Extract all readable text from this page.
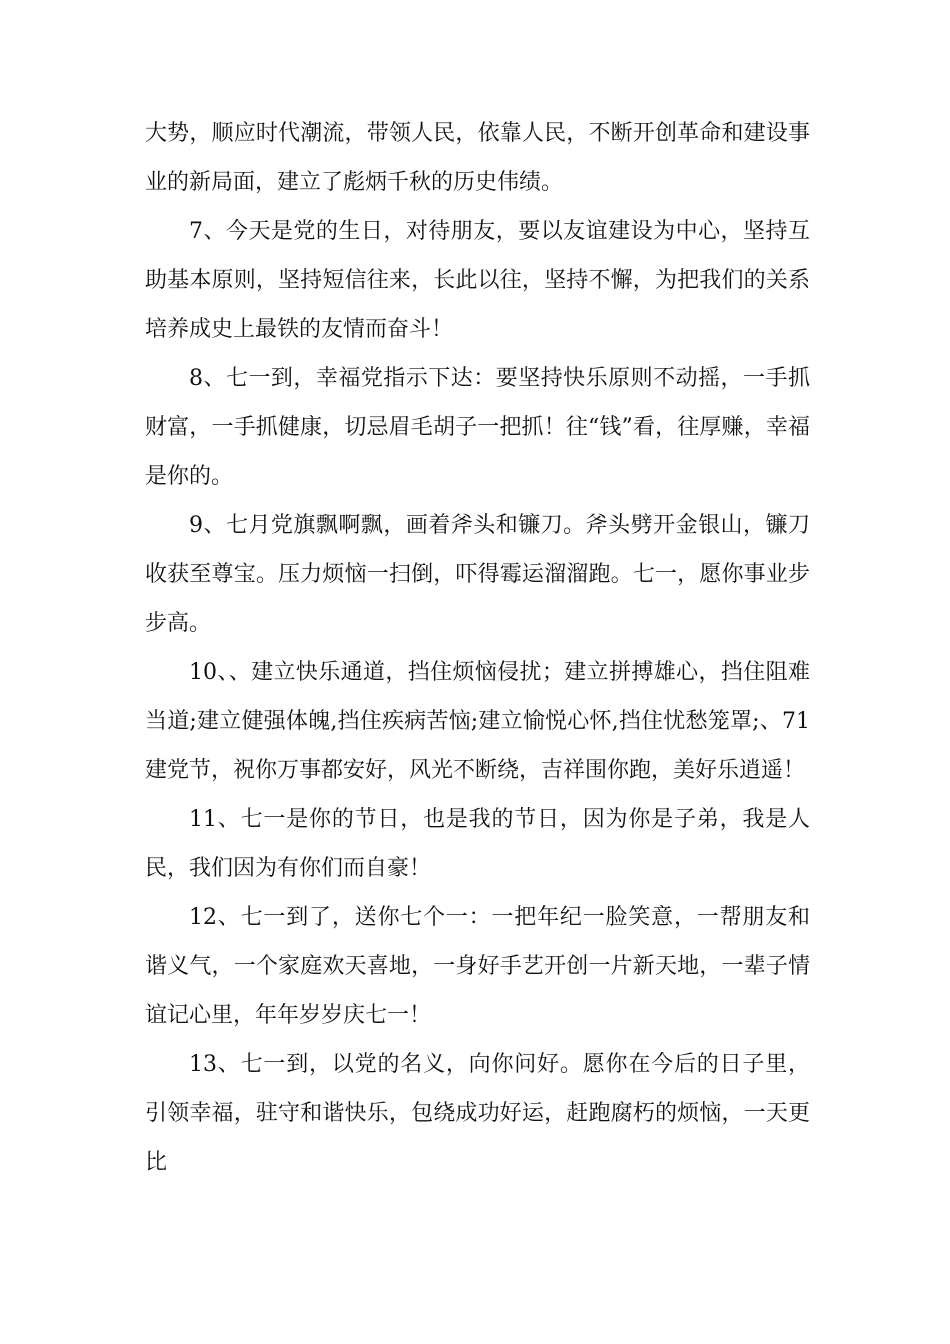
大势，顺应时代潮流，带领人民，依靠人民，不断开创革命和建设事业的新局面，建立了彪炳千秋的历史伟绩。

7、今天是党的生日，对待朋友，要以友谊建设为中心，坚持互助基本原则，坚持短信往来，长此以往，坚持不懈，为把我们的关系培养成史上最铁的友情而奋斗！

8、七一到，幸福党指示下达：要坚持快乐原则不动摇，一手抓财富，一手抓健康，切忌眉毛胡子一把抓！往“钱”看，往厚赚，幸福是你的。

9、七月党旗飘啊飘，画着斧头和镰刀。斧头劈开金银山，镰刀收获至尊宝。压力烦恼一扫倒，吓得霉运溜溜跑。七一，愿你事业步步高。

10、、建立快乐通道，挡住烦恼侵扰；建立拼搏雄心，挡住阻难当道;建立健强体魄,挡住疾病苦恼;建立愉悦心怀,挡住忧愁笼罩;、71 建党节，祝你万事都安好，风光不断绕，吉祥围你跑，美好乐逍遥！

11、七一是你的节日，也是我的节日，因为你是子弟，我是人民，我们因为有你们而自豪！

12、七一到了，送你七个一：一把年纪一脸笑意，一帮朋友和谐义气，一个家庭欢天喜地，一身好手艺开创一片新天地，一辈子情谊记心里，年年岁岁庆七一！

13、七一到，以党的名义，向你问好。愿你在今后的日子里，引领幸福，驻守和谐快乐，包绕成功好运，赶跑腐朽的烦恼，一天更比
